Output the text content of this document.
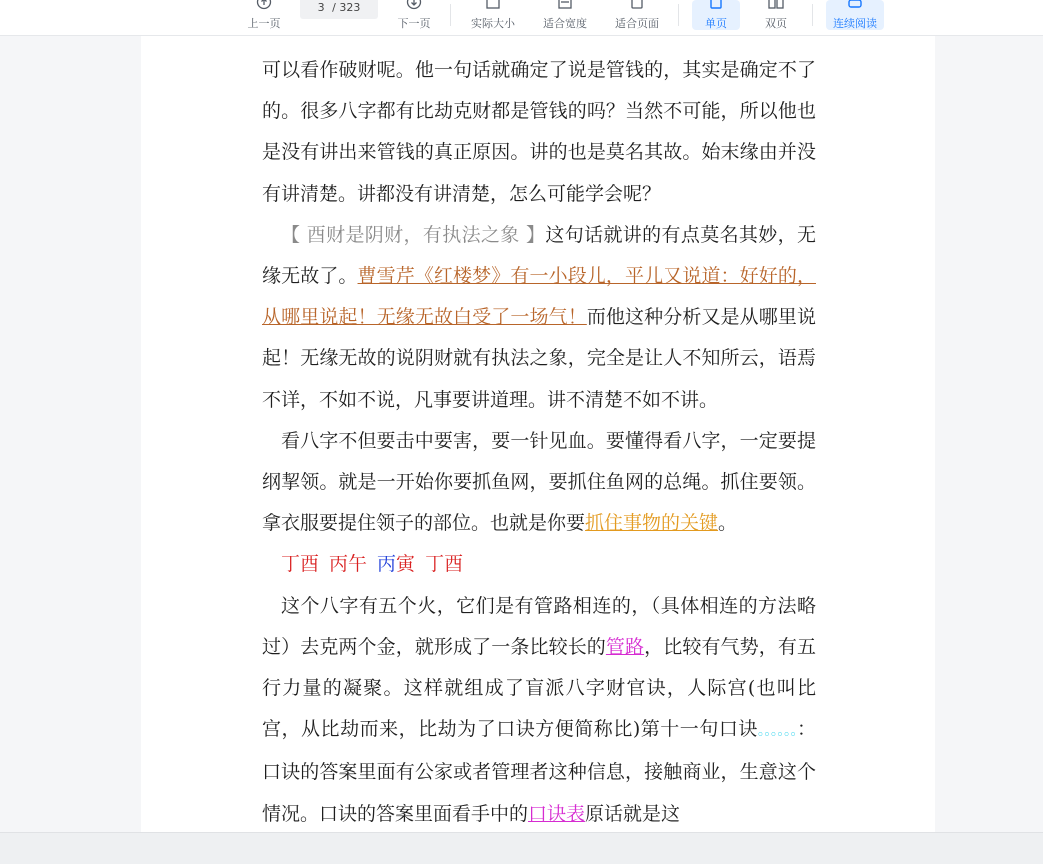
上一页
3 / 323
下一页	实际大小	适合宽度	适合页面	单页	双页	连续阅读

可以看作破财呢。他一句话就确定了说是管钱的，其实是确定不了的。很多八字都有比劫克财都是管钱的吗？当然不可能，所以他也是没有讲出来管钱的真正原因。讲的也是莫名其故。始末缘由并没有讲清楚。讲都没有讲清楚，怎么可能学会呢？

【 酉财是阴财，有执法之象 】这句话就讲的有点莫名其妙，无缘无故了。曹雪芹《红楼梦》有一小段儿，平儿又说道：好好的，从哪里说起！无缘无故白受了一场气！而他这种分析又是从哪里说起！无缘无故的说阴财就有执法之象，完全是让人不知所云，语焉不详，不如不说，凡事要讲道理。讲不清楚不如不讲。

看八字不但要击中要害，要一针见血。要懂得看八字，一定要提纲挈领。就是一开始你要抓鱼网，要抓住鱼网的总绳。抓住要领。拿衣服要提住领子的部位。也就是你要抓住事物的关键。

丁酉 丙午 丙寅 丁酉

这个八字有五个火，它们是有管路相连的，（具体相连的方法略过）去克两个金，就形成了一条比较长的管路，比较有气势，有五行力量的凝聚。这样就组成了盲派八字财官诀，人际宫(也叫比宫，从比劫而来，比劫为了口诀方便简称比)第十一句口诀。。。。。。：口诀的答案里面有公家或者管理者这种信息，接触商业，生意这个情况。口诀的答案里面看手中的口诀表原话就是这
